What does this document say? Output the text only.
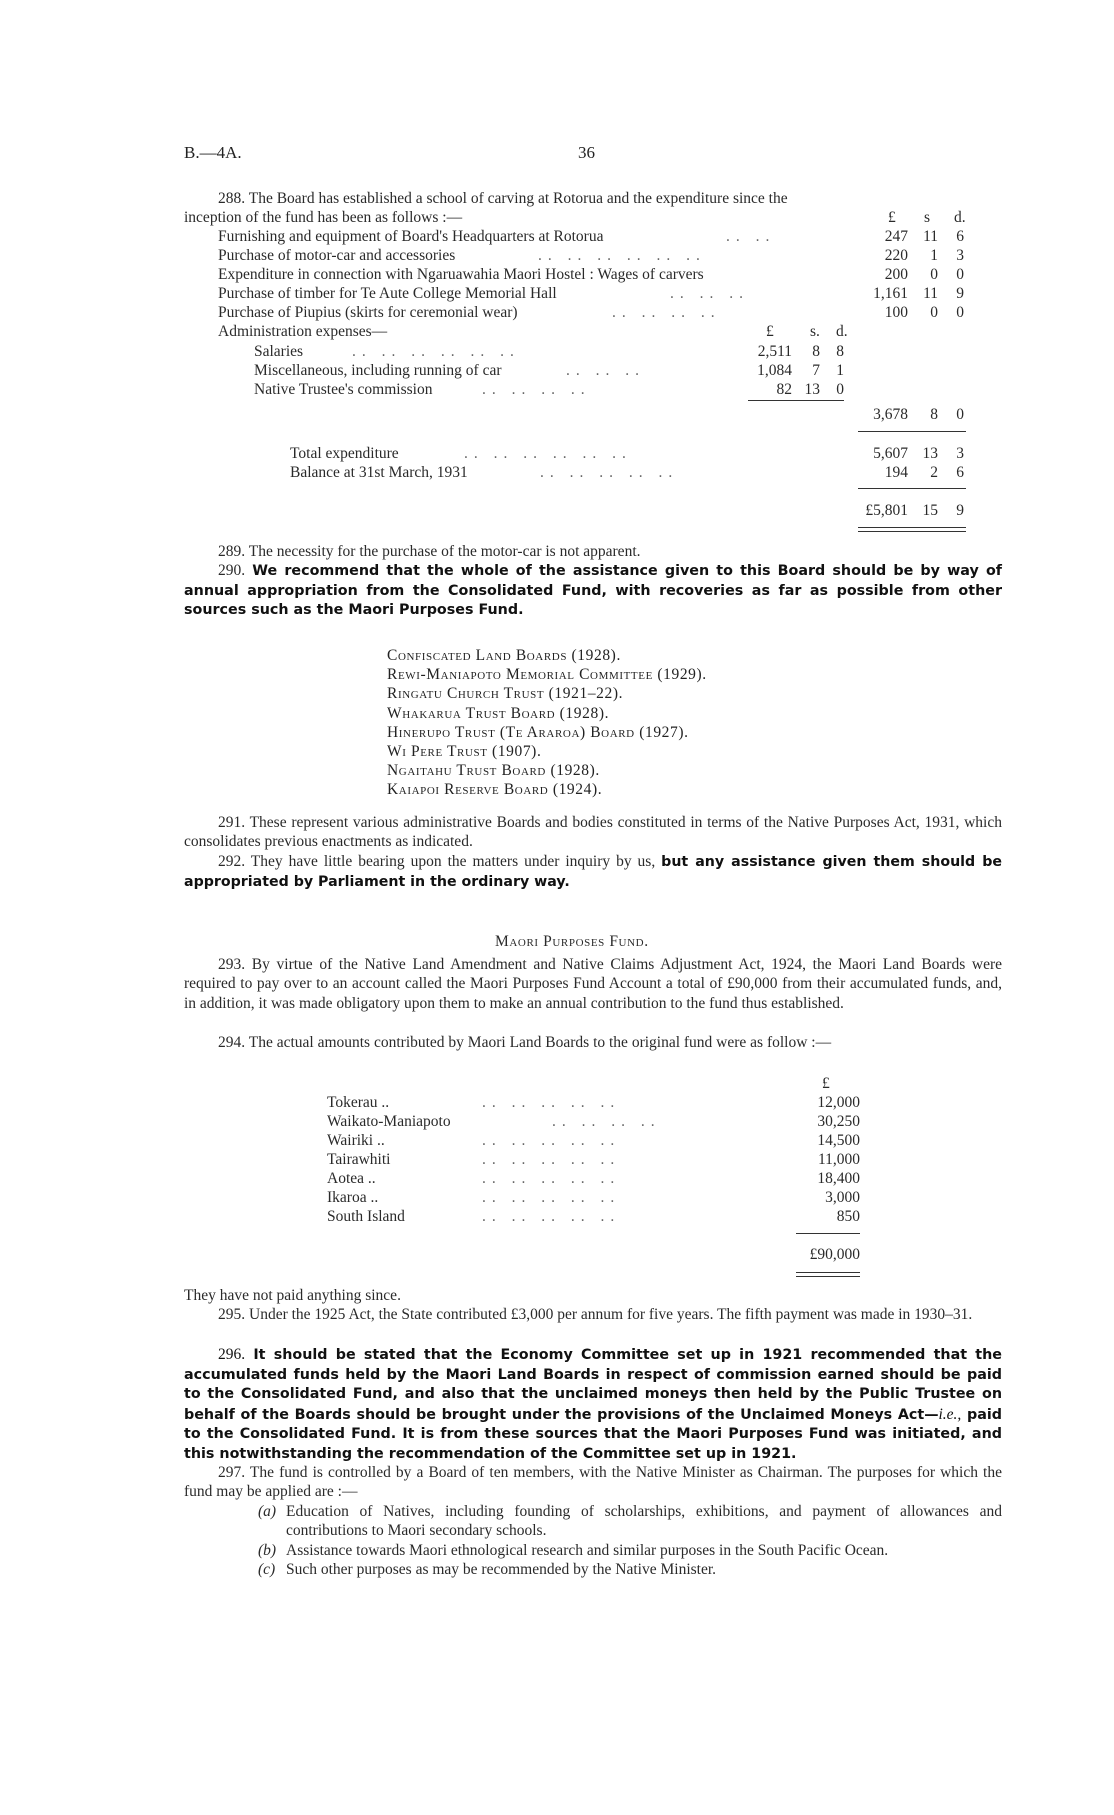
B.—4A.	36
288. The Board has established a school of carving at Rotorua and the expenditure since the
inception of the fund has been as follows :—	£ s d.
Furnishing and equipment of Board's Headquarters at Rotorua	.. ..	247 11 6
Purchase of motor-car and accessories	.. .. .. .. .. ..	220 1 3
Expenditure in connection with Ngaruawahia Maori Hostel : Wages of carvers	200 0 0
Purchase of timber for Te Aute College Memorial Hall	.. .. ..	1,161 11 9
Purchase of Piupius (skirts for ceremonial wear)	.. .. .. ..	100 0 0
Administration expenses—	£ s. d.
Salaries	.. .. .. .. .. ..	2,511 8 8
Miscellaneous, including running of car	.. .. ..	1,084 7 1
Native Trustee's commission	.. .. .. ..	82 13 0
3,678 8 0
Total expenditure	.. .. .. .. .. ..	5,607 13 3
Balance at 31st March, 1931	.. .. .. .. ..	194 2 6
£5,801 15 9
289. The necessity for the purchase of the motor-car is not apparent.

290. We recommend that the whole of the assistance given to this Board should be by way of annual appropriation from the Consolidated Fund, with recoveries as far as possible from other sources such as the Maori Purposes Fund.

Confiscated Land Boards (1928).
Rewi-Maniapoto Memorial Committee (1929).
Ringatu Church Trust (1921–22).
Whakarua Trust Board (1928).
Hinerupo Trust (Te Araroa) Board (1927).
Wi Pere Trust (1907).
Ngaitahu Trust Board (1928).
Kaiapoi Reserve Board (1924).

291. These represent various administrative Boards and bodies constituted in terms of the Native Purposes Act, 1931, which consolidates previous enactments as indicated.

292. They have little bearing upon the matters under inquiry by us, but any assistance given them should be appropriated by Parliament in the ordinary way.

Maori Purposes Fund.

293. By virtue of the Native Land Amendment and Native Claims Adjustment Act, 1924, the Maori Land Boards were required to pay over to an account called the Maori Purposes Fund Account a total of £90,000 from their accumulated funds, and, in addition, it was made obligatory upon them to make an annual contribution to the fund thus established.

294. The actual amounts contributed by Maori Land Boards to the original fund were as follow :—

£
Tokerau ..	.. .. .. .. ..	12,000
Waikato-Maniapoto	.. .. .. ..	30,250
Wairiki ..	.. .. .. .. ..	14,500
Tairawhiti	.. .. .. .. ..	11,000
Aotea ..	.. .. .. .. ..	18,400
Ikaroa ..	.. .. .. .. ..	3,000
South Island	.. .. .. .. ..	850
£90,000
They have not paid anything since.

295. Under the 1925 Act, the State contributed £3,000 per annum for five years. The fifth payment was made in 1930–31.

296. It should be stated that the Economy Committee set up in 1921 recommended that the accumulated funds held by the Maori Land Boards in respect of commission earned should be paid to the Consolidated Fund, and also that the unclaimed moneys then held by the Public Trustee on behalf of the Boards should be brought under the provisions of the Unclaimed Moneys Act—i.e., paid to the Consolidated Fund. It is from these sources that the Maori Purposes Fund was initiated, and this notwithstanding the recommendation of the Committee set up in 1921.

297. The fund is controlled by a Board of ten members, with the Native Minister as Chairman. The purposes for which the fund may be applied are :—

(a) Education of Natives, including founding of scholarships, exhibitions, and payment of allowances and contributions to Maori secondary schools.
(b) Assistance towards Maori ethnological research and similar purposes in the South Pacific Ocean.
(c) Such other purposes as may be recommended by the Native Minister.
